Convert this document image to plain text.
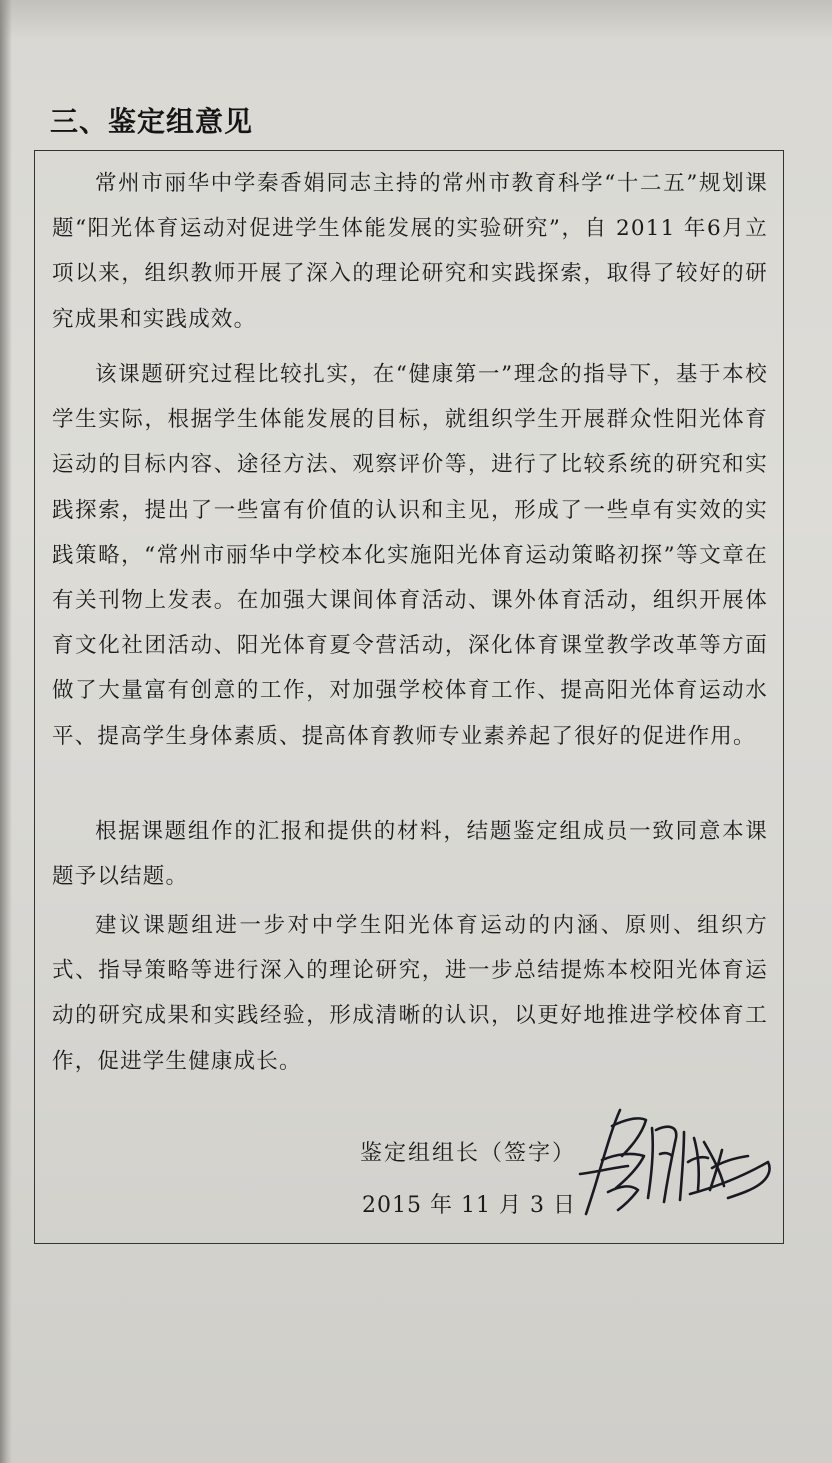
三、鉴定组意见

常州市丽华中学秦香娟同志主持的常州市教育科学“十二五”规划课题“阳光体育运动对促进学生体能发展的实验研究”，自 2011 年6月立项以来，组织教师开展了深入的理论研究和实践探索，取得了较好的研究成果和实践成效。

该课题研究过程比较扎实，在“健康第一”理念的指导下，基于本校学生实际，根据学生体能发展的目标，就组织学生开展群众性阳光体育运动的目标内容、途径方法、观察评价等，进行了比较系统的研究和实践探索，提出了一些富有价值的认识和主见，形成了一些卓有实效的实践策略，“常州市丽华中学校本化实施阳光体育运动策略初探”等文章在有关刊物上发表。在加强大课间体育活动、课外体育活动，组织开展体育文化社团活动、阳光体育夏令营活动，深化体育课堂教学改革等方面做了大量富有创意的工作，对加强学校体育工作、提高阳光体育运动水平、提高学生身体素质、提高体育教师专业素养起了很好的促进作用。

根据课题组作的汇报和提供的材料，结题鉴定组成员一致同意本课题予以结题。

建议课题组进一步对中学生阳光体育运动的内涵、原则、组织方式、指导策略等进行深入的理论研究，进一步总结提炼本校阳光体育运动的研究成果和实践经验，形成清晰的认识，以更好地推进学校体育工作，促进学生健康成长。

鉴定组组长（签字）
2015 年 11 月 3 日
